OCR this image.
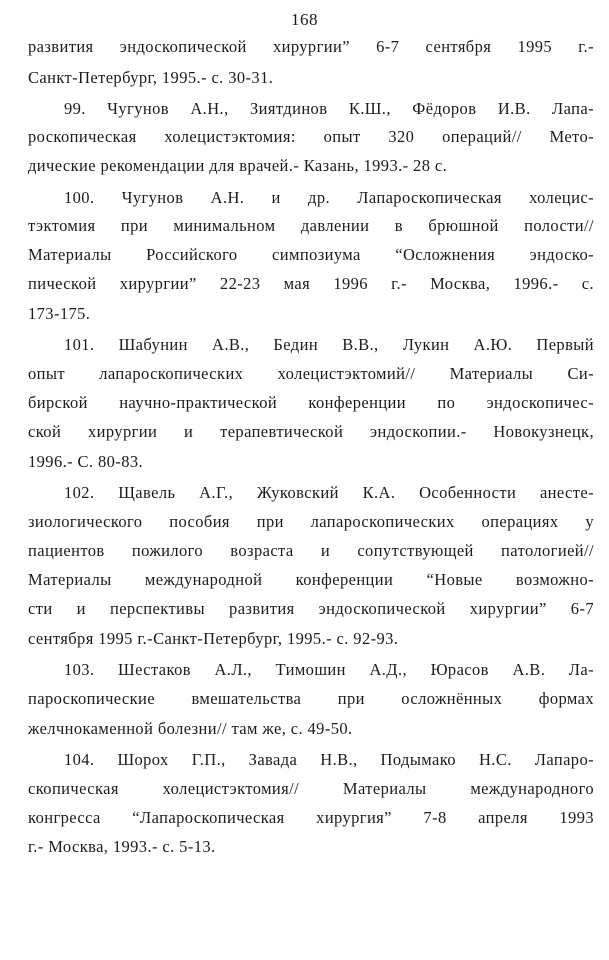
168
развития эндоскопической хирургии” 6-7 сентября 1995 г.-
Санкт-Петербург, 1995.- с. 30-31.
99. Чугунов А.Н., Зиятдинов К.Ш., Фёдоров И.В. Лапа-
роскопическая холецистэктомия: опыт 320 операций// Мето-
дические рекомендации для врачей.- Казань, 1993.- 28 с.
100. Чугунов А.Н. и др. Лапароскопическая холецис-
тэктомия при минимальном давлении в брюшной полости//
Материалы Российского симпозиума “Осложнения эндоско-
пической хирургии” 22-23 мая 1996 г.- Москва, 1996.- с.
173-175.
101. Шабунин А.В., Бедин В.В., Лукин А.Ю. Первый
опыт лапароскопических холецистэктомий// Материалы Си-
бирской научно-практической конференции по эндоскопичес-
ской хирургии и терапевтической эндоскопии.- Новокузнецк,
1996.- С. 80-83.
102. Щавель А.Г., Жуковский К.А. Особенности анесте-
зиологического пособия при лапароскопических операциях у
пациентов пожилого возраста и сопутствующей патологией//
Материалы международной конференции “Новые возможно-
сти и перспективы развития эндоскопической хирургии” 6-7
сентября 1995 г.-Санкт-Петербург, 1995.- с. 92-93.
103. Шестаков А.Л., Тимошин А.Д., Юрасов А.В. Ла-
пароскопические вмешательства при осложнённых формах
желчнокаменной болезни// там же, с. 49-50.
104. Шорох Г.П., Завада Н.В., Подымако Н.С. Лапаро-
скопическая холецистэктомия// Материалы международного
конгресса “Лапароскопическая хирургия” 7-8 апреля 1993
г.- Москва, 1993.- с. 5-13.
